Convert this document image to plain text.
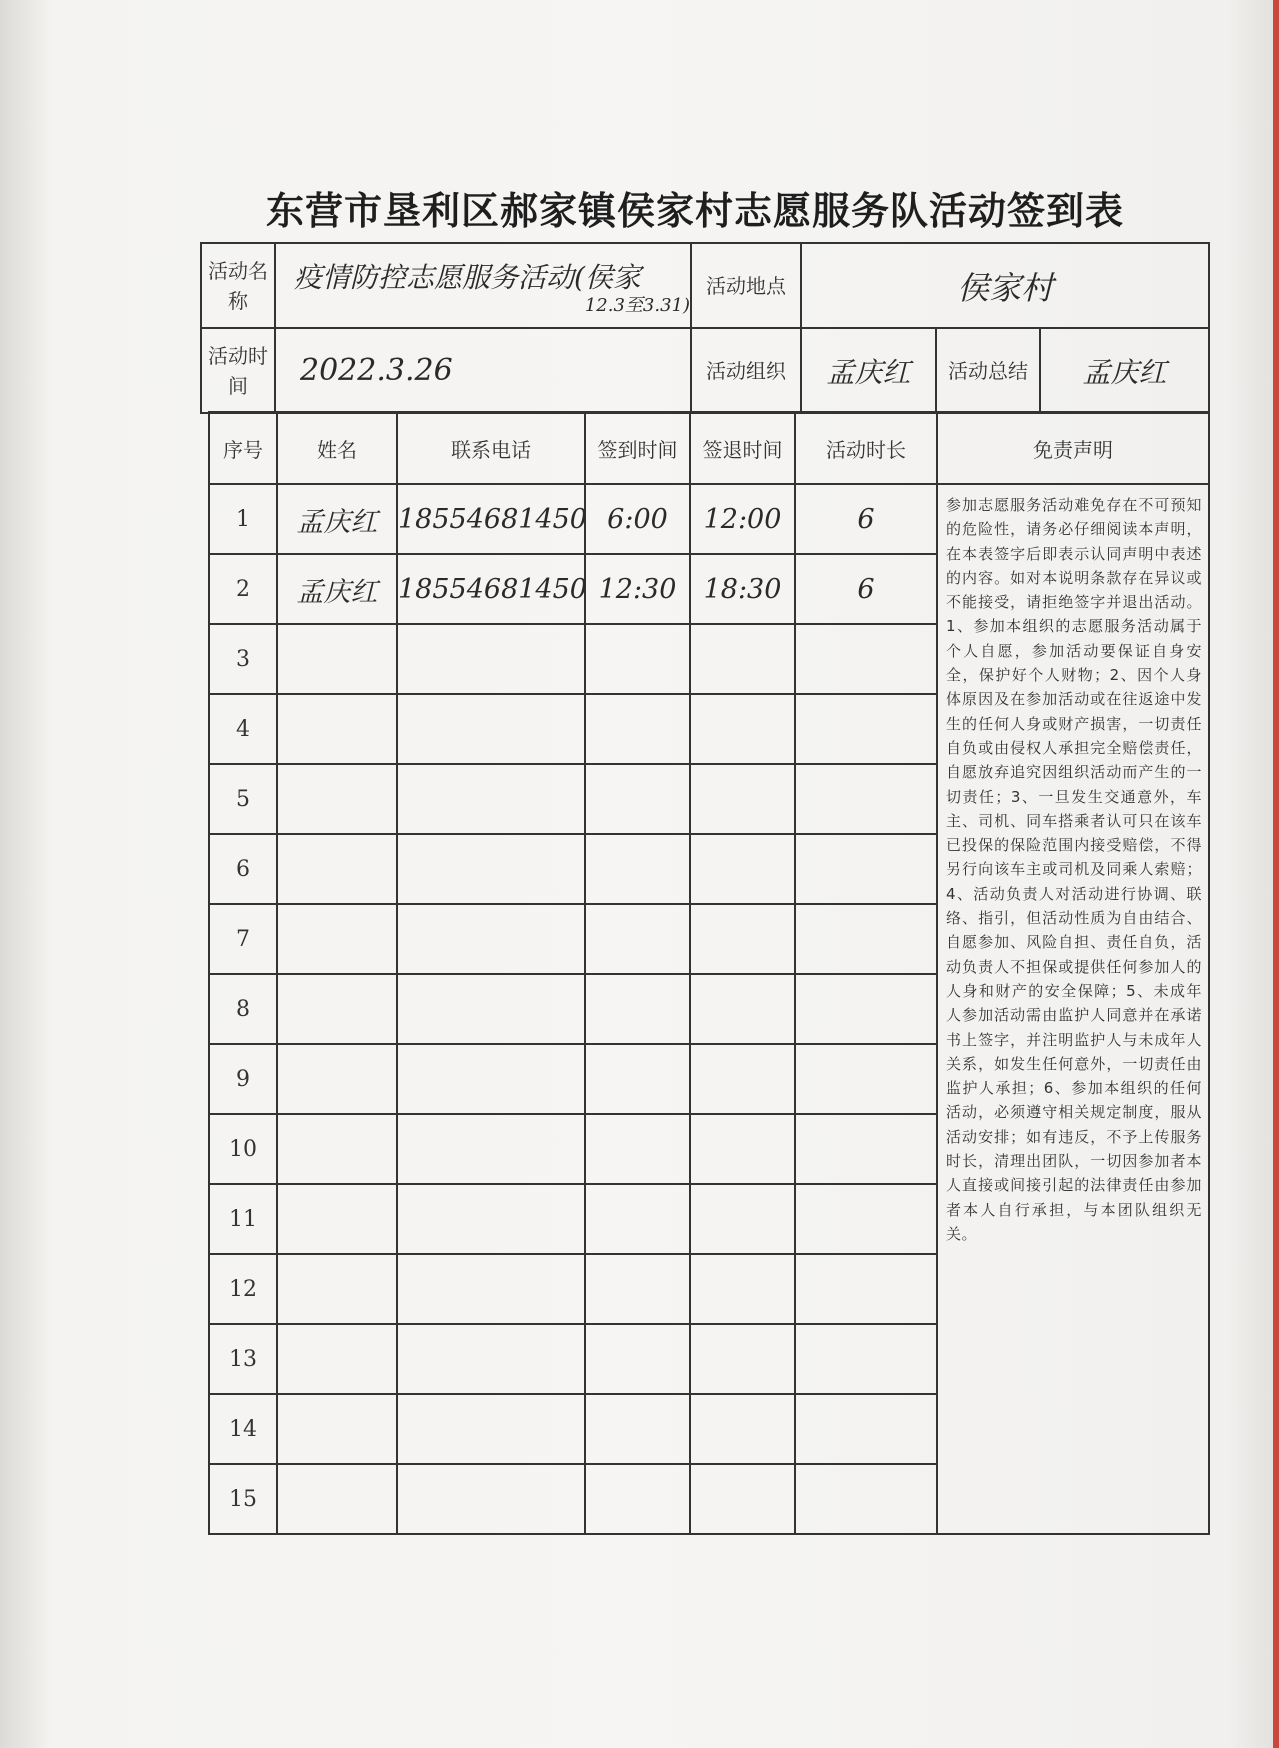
东营市垦利区郝家镇侯家村志愿服务队活动签到表
活动名称	疫情防控志愿服务活动(侯家
12.3至3.31)	活动地点	侯家村		
活动时间	2022.3.26	活动组织	孟庆红	活动总结	孟庆红
序号	姓名	联系电话	签到时间	签退时间	活动时长	免责声明
1	孟庆红	18554681450	6:00	12:00	6	参加志愿服务活动难免存在不可预知的危险性，请务必仔细阅读本声明，在本表签字后即表示认同声明中表述的内容。如对本说明条款存在异议或不能接受，请拒绝签字并退出活动。1、参加本组织的志愿服务活动属于个人自愿，参加活动要保证自身安全，保护好个人财物；2、因个人身体原因及在参加活动或在往返途中发生的任何人身或财产损害，一切责任自负或由侵权人承担完全赔偿责任，自愿放弃追究因组织活动而产生的一切责任；3、一旦发生交通意外，车主、司机、同车搭乘者认可只在该车已投保的保险范围内接受赔偿，不得另行向该车主或司机及同乘人索赔；4、活动负责人对活动进行协调、联络、指引，但活动性质为自由结合、自愿参加、风险自担、责任自负，活动负责人不担保或提供任何参加人的人身和财产的安全保障；5、未成年人参加活动需由监护人同意并在承诺书上签字，并注明监护人与未成年人关系，如发生任何意外，一切责任由监护人承担；6、参加本组织的任何活动，必须遵守相关规定制度，服从活动安排；如有违反，不予上传服务时长，清理出团队，一切因参加者本人直接或间接引起的法律责任由参加者本人自行承担，与本团队组织无关。
2	孟庆红	18554681450	12:30	18:30	6	
3						
4						
5						
6						
7						
8						
9						
10						
11						
12						
13						
14						
15						
